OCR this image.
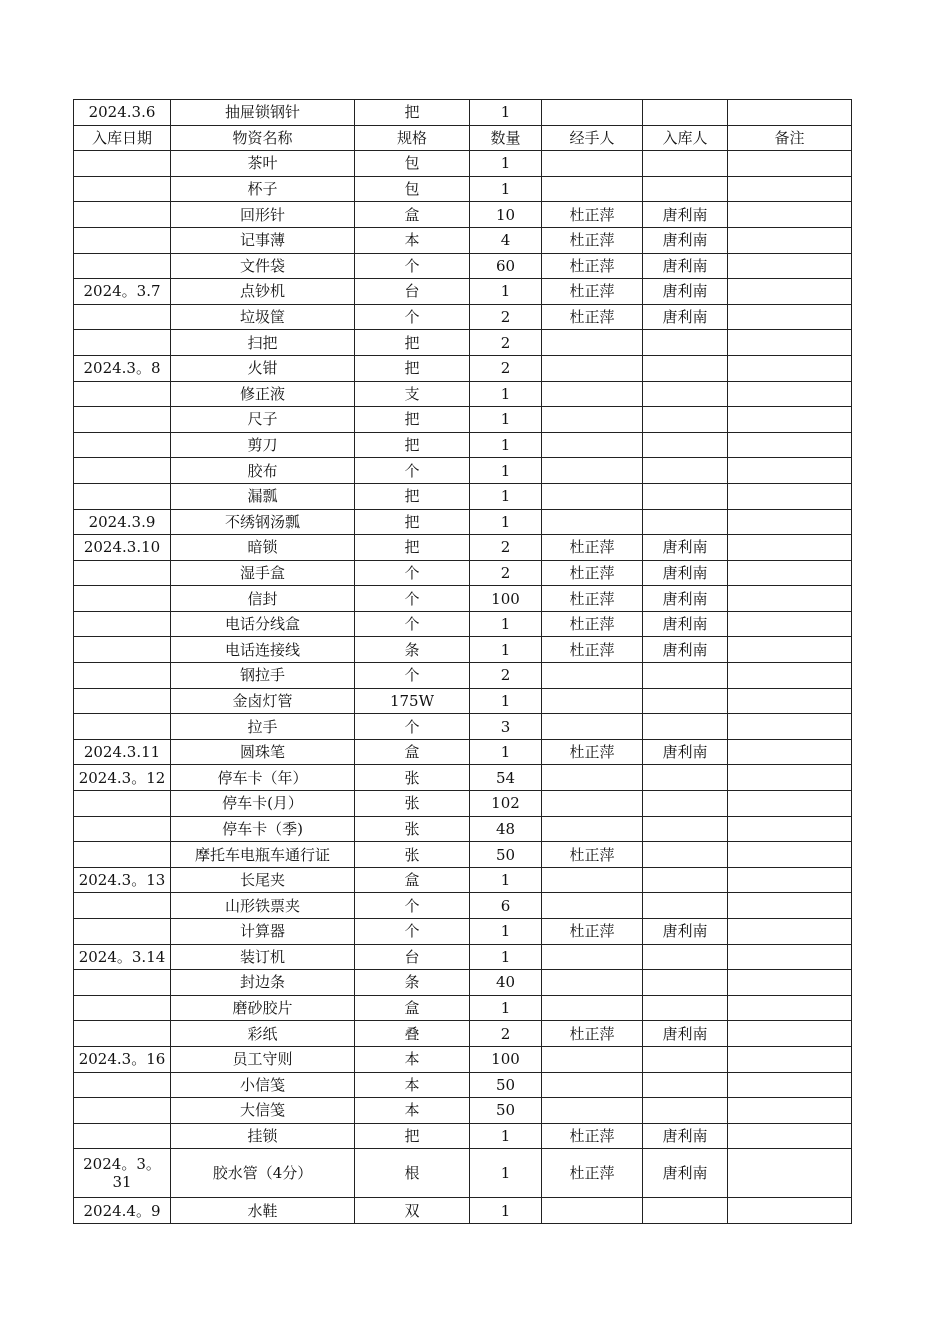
2024.3.6	抽屉锁钢针	把	1			
入库日期	物资名称	规格	数量	经手人	入库人	备注
	茶叶	包	1			
	杯子	包	1			
	回形针	盒	10	杜正萍	唐利南	
	记事薄	本	4	杜正萍	唐利南	
	文件袋	个	60	杜正萍	唐利南	
2024。3.7	点钞机	台	1	杜正萍	唐利南	
	垃圾筐	个	2	杜正萍	唐利南	
	扫把	把	2			
2024.3。8	火钳	把	2			
	修正液	支	1			
	尺子	把	1			
	剪刀	把	1			
	胶布	个	1			
	漏瓢	把	1			
2024.3.9	不绣钢汤瓢	把	1			
2024.3.10	暗锁	把	2	杜正萍	唐利南	
	湿手盒	个	2	杜正萍	唐利南	
	信封	个	100	杜正萍	唐利南	
	电话分线盒	个	1	杜正萍	唐利南	
	电话连接线	条	1	杜正萍	唐利南	
	钢拉手	个	2			
	金卤灯管	175W	1			
	拉手	个	3			
2024.3.11	圆珠笔	盒	1	杜正萍	唐利南	
2024.3。12	停车卡（年）	张	54			
	停车卡(月）	张	102			
	停车卡（季)	张	48			
	摩托车电瓶车通行证	张	50	杜正萍		
2024.3。13	长尾夹	盒	1			
	山形铁票夹	个	6			
	计算器	个	1	杜正萍	唐利南	
2024。3.14	装订机	台	1			
	封边条	条	40			
	磨砂胶片	盒	1			
	彩纸	叠	2	杜正萍	唐利南	
2024.3。16	员工守则	本	100			
	小信笺	本	50			
	大信笺	本	50			
	挂锁	把	1	杜正萍	唐利南	
2024。3。31	胶水管（4分）	根	1	杜正萍	唐利南	
2024.4。9	水鞋	双	1			
